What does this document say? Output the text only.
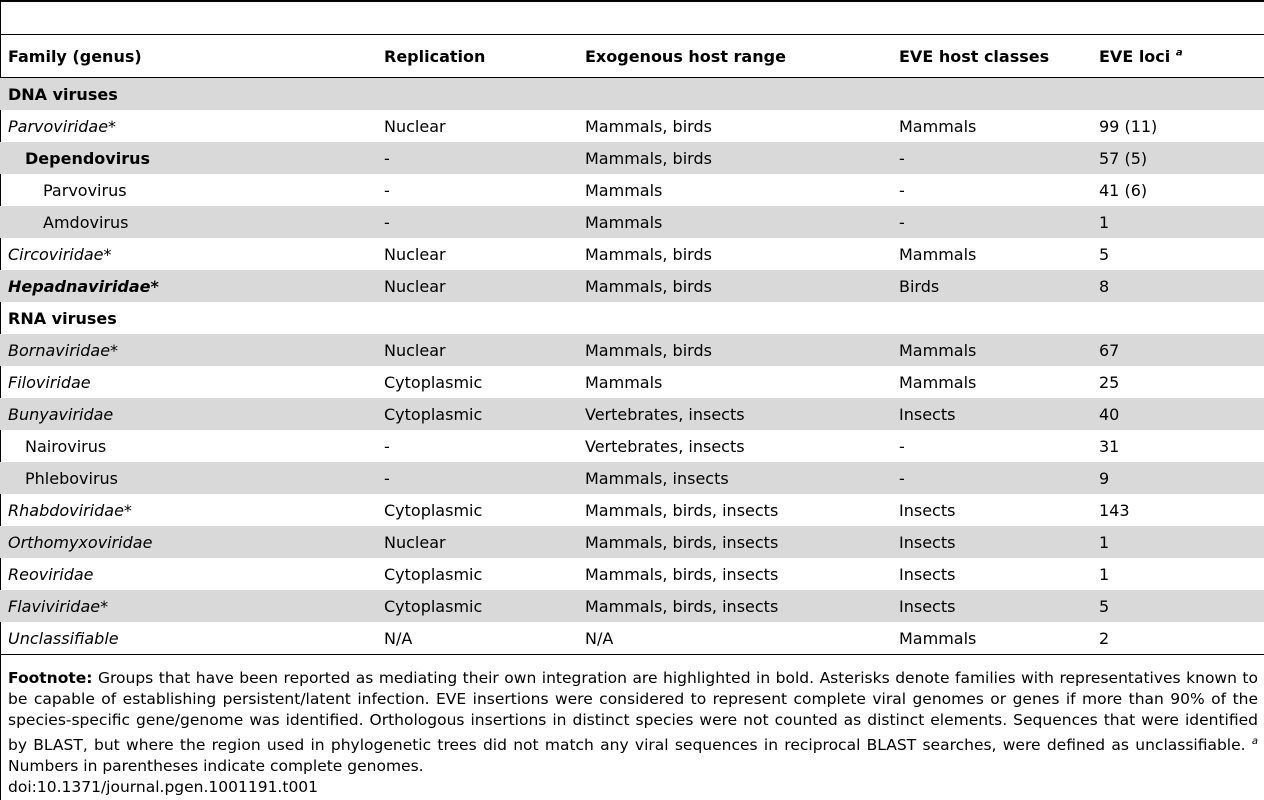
Family (genus)	Replication	Exogenous host range	EVE host classes	EVE loci $^a$

DNA viruses				

Parvoviridae*	Nuclear	Mammals, birds	Mammals	99 (11)

Dependovirus	-	Mammals, birds	-	57 (5)

Parvovirus	-	Mammals	-	41 (6)

Amdovirus	-	Mammals	-	1

Circoviridae*	Nuclear	Mammals, birds	Mammals	5

Hepadnaviridae*	Nuclear	Mammals, birds	Birds	8

RNA viruses				

Bornaviridae*	Nuclear	Mammals, birds	Mammals	67

Filoviridae	Cytoplasmic	Mammals	Mammals	25

Bunyaviridae	Cytoplasmic	Vertebrates, insects	Insects	40

Nairovirus	-	Vertebrates, insects	-	31

Phlebovirus	-	Mammals, insects	-	9

Rhabdoviridae*	Cytoplasmic	Mammals, birds, insects	Insects	143

Orthomyxoviridae	Nuclear	Mammals, birds, insects	Insects	1

Reoviridae	Cytoplasmic	Mammals, birds, insects	Insects	1

Flaviviridae*	Cytoplasmic	Mammals, birds, insects	Insects	5

Unclassifiable	N/A	N/A	Mammals	2
Footnote: Groups that have been reported as mediating their own integration are highlighted in bold. Asterisks denote families with representatives known to be capable of establishing persistent/latent infection. EVE insertions were considered to represent complete viral genomes or genes if more than 90% of the species-specific gene/genome was identified. Orthologous insertions in distinct species were not counted as distinct elements. Sequences that were identified by BLAST, but where the region used in phylogenetic trees did not match any viral sequences in reciprocal BLAST searches, were defined as unclassifiable. $^a$ Numbers in parentheses indicate complete genomes.
doi:10.1371/journal.pgen.1001191.t001
